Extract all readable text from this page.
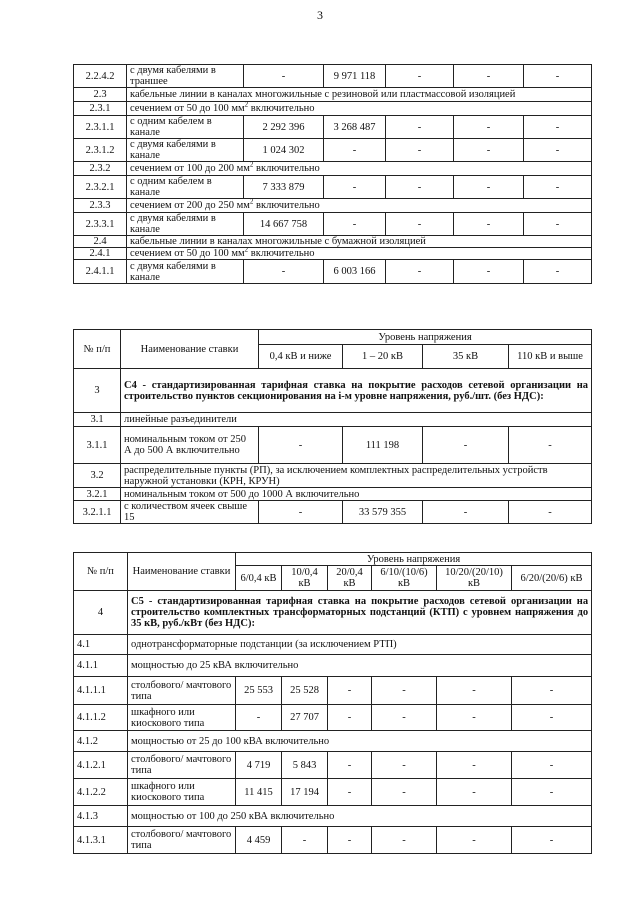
3
2.2.4.2	с двумя кабелями в траншее	-	9 971 118	-	-	-
2.3	кабельные линии в каналах многожильные с резиновой или пластмассовой изоляцией					
2.3.1	сечением от 50 до 100 $мм^2$ включительно					
2.3.1.1	с одним кабелем в канале	2 292 396	3 268 487	-	-	-
2.3.1.2	с двумя кабелями в канале	1 024 302	-	-	-	-
2.3.2	сечением от 100 до 200 $мм^2$ включительно					
2.3.2.1	с одним кабелем в канале	7 333 879	-	-	-	-
2.3.3	сечением от 200 до 250 $мм^2$ включительно					
2.3.3.1	с двумя кабелями в канале	14 667 758	-	-	-	-
2.4	кабельные линии в каналах многожильные с бумажной изоляцией					
2.4.1	сечением от 50 до 100 $мм^2$ включительно					
2.4.1.1	с двумя кабелями в канале	-	6 003 166	-	-	-
№ п/п	Наименование ставки	Уровень напряжения			
		0,4 кВ и ниже	1 – 20 кВ	35 кВ	110 кВ и выше
3	С4 - стандартизированная тарифная ставка на покрытие расходов сетевой организации на строительство пунктов секционирования на i-м уровне напряжения, руб./шт. (без НДС):				
3.1	линейные разъединители				
3.1.1	номинальным током от 250 А до 500 А включительно	-	111 198	-	-
3.2	распределительные пункты (РП), за исключением комплектных распределительных устройств наружной установки (КРН, КРУН)				
3.2.1	номинальным током от 500 до 1000 А включительно				
3.2.1.1	с количеством ячеек свыше 15	-	33 579 355	-	-
№ п/п	Наименование ставки	Уровень напряжения					
		6/0,4 кВ	10/0,4 кВ	20/0,4 кВ	6/10/(10/6) кВ	10/20/(20/10) кВ	6/20/(20/6) кВ
4	С5 - стандартизированная тарифная ставка на покрытие расходов сетевой организации на строительство комплектных трансформаторных подстанций (КТП) с уровнем напряжения до 35 кВ, руб./кВт (без НДС):						
4.1	однотрансформаторные подстанции (за исключением РТП)						
4.1.1	мощностью до 25 кВА включительно						
4.1.1.1	столбового/ мачтового типа	25 553	25 528	-	-	-	-
4.1.1.2	шкафного или киоскового типа	-	27 707	-	-	-	-
4.1.2	мощностью от 25 до 100 кВА включительно						
4.1.2.1	столбового/ мачтового типа	4 719	5 843	-	-	-	-
4.1.2.2	шкафного или киоскового типа	11 415	17 194	-	-	-	-
4.1.3	мощностью от 100 до 250 кВА включительно						
4.1.3.1	столбового/ мачтового типа	4 459	-	-	-	-	-
